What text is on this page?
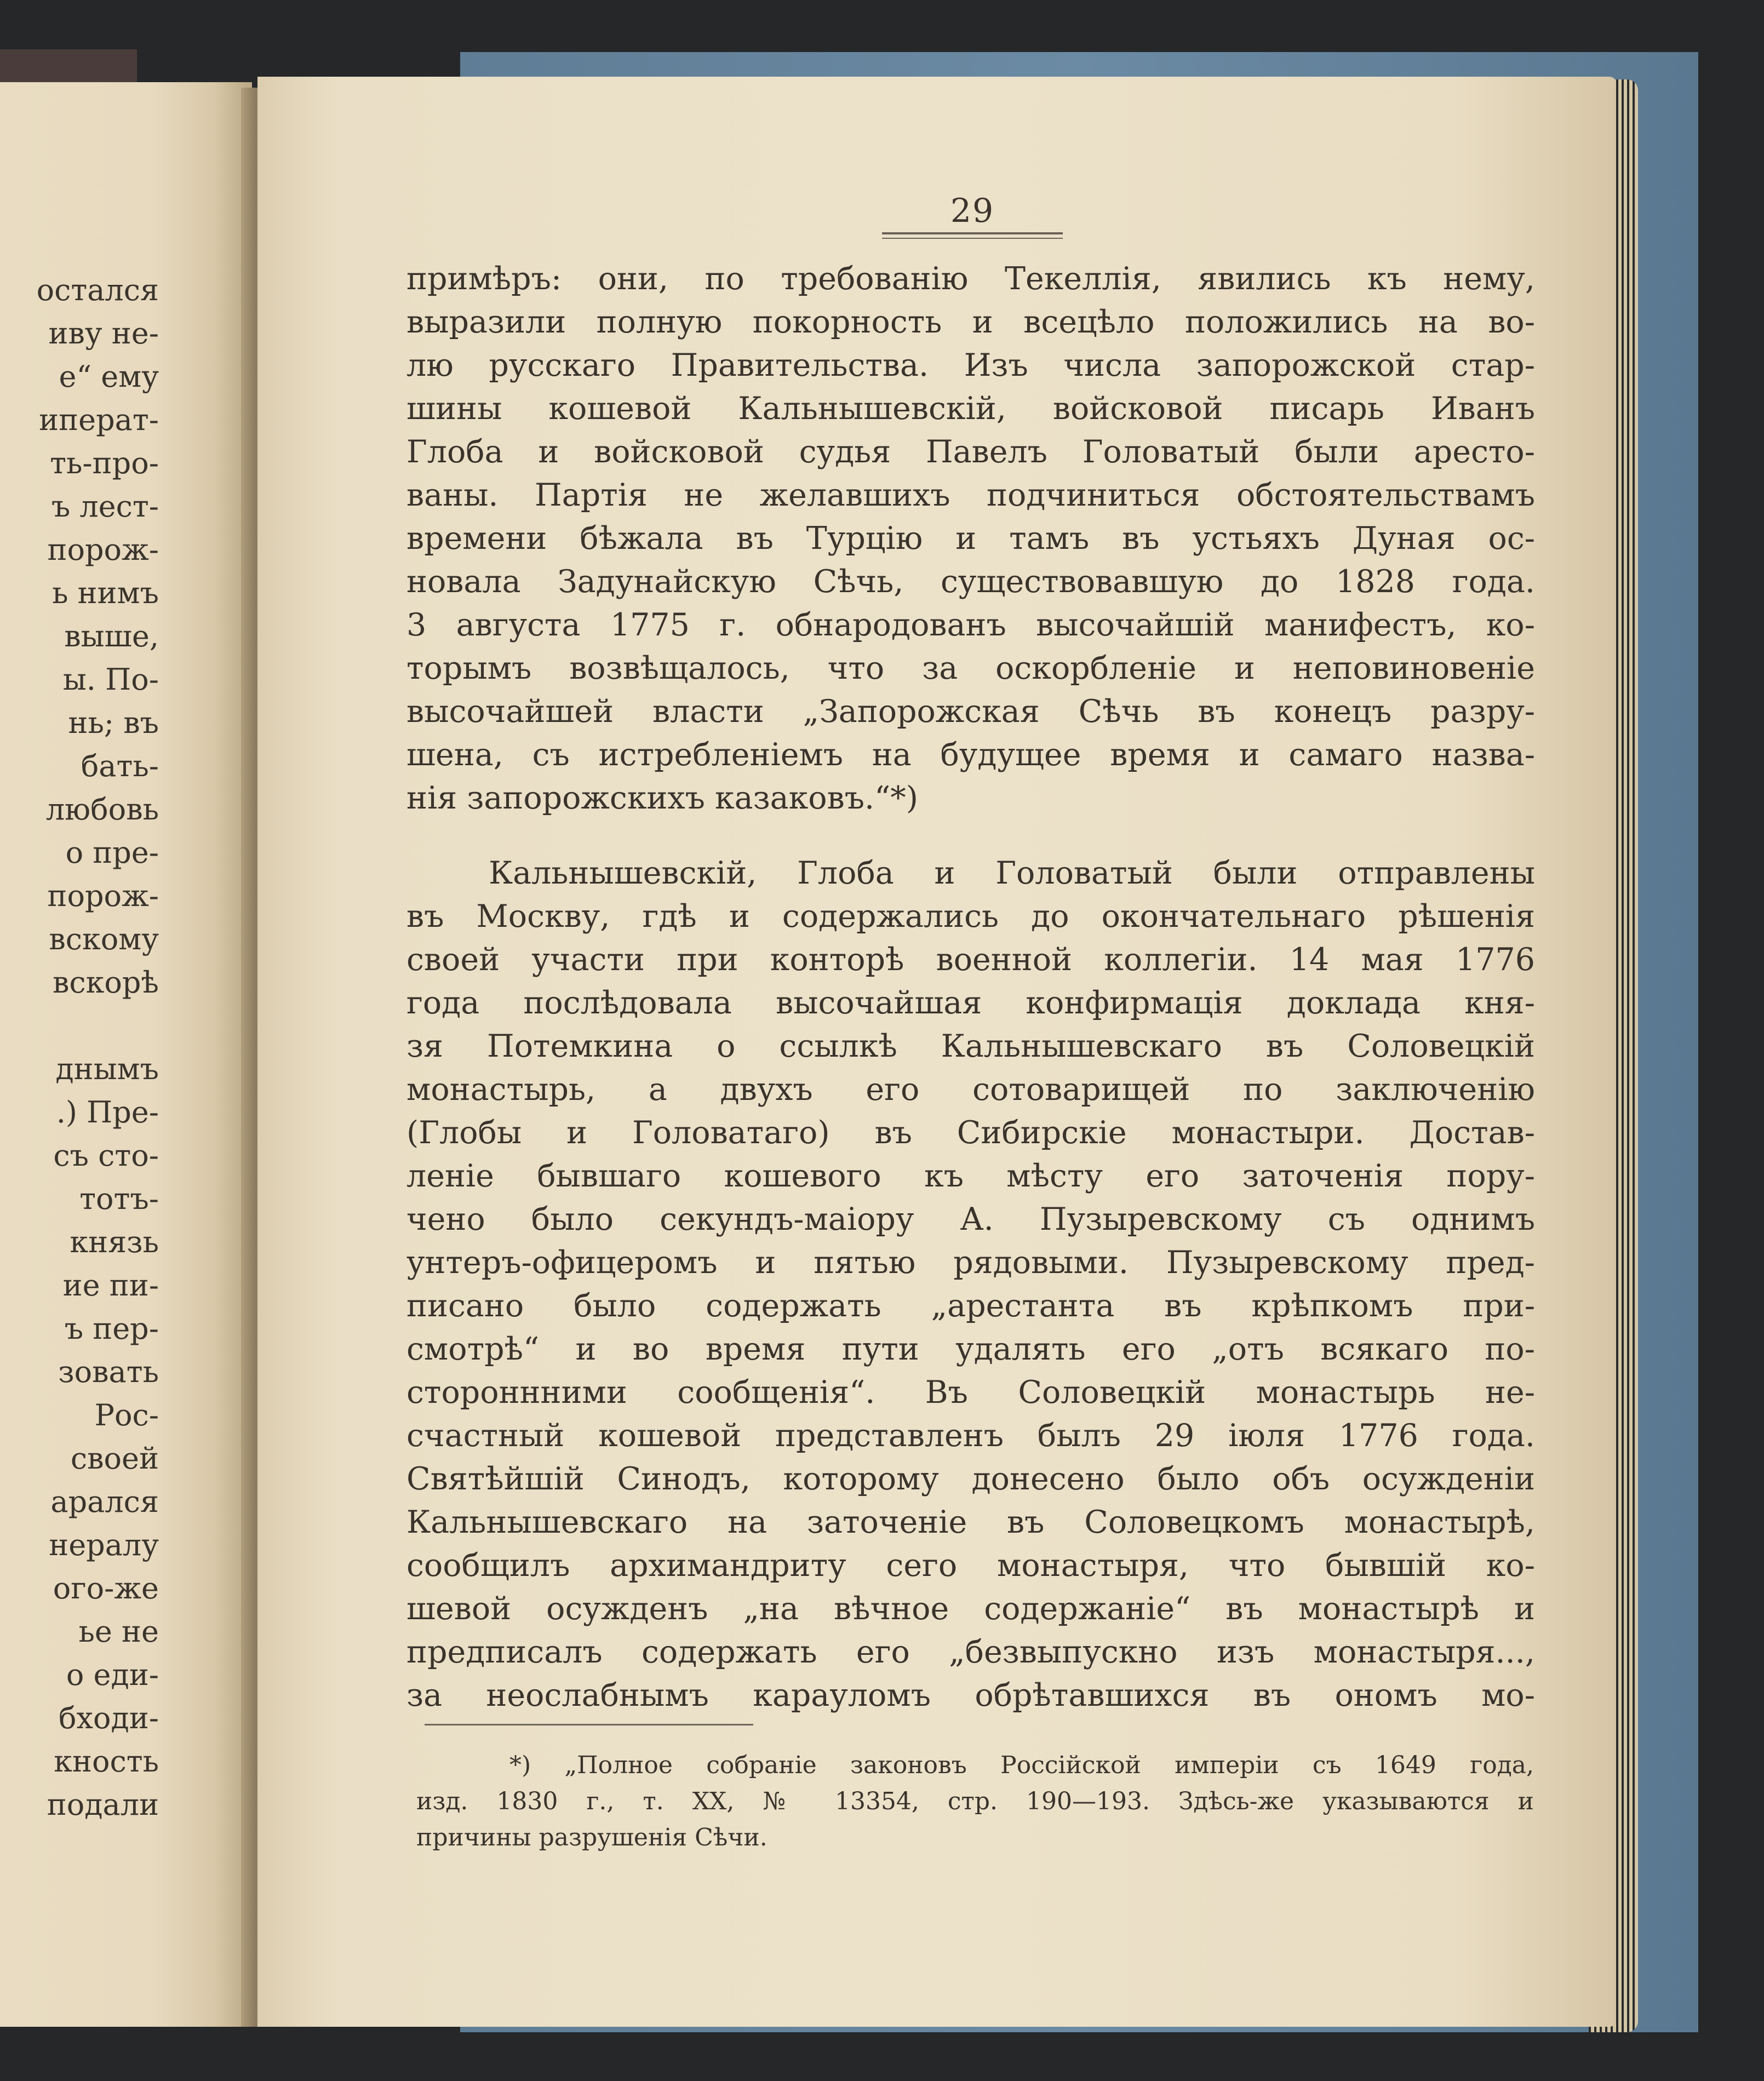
остался
иву не-
е“ ему
иперат-
ть-про-
ъ лест-
порож-
ь нимъ
выше,
ы. По-
нь; въ
бать-
любовь
о пре-
порож-
вскому
вскорѣ
днымъ
.) Пре-
съ сто-
тотъ-
князь
ие пи-
ъ пер-
зовать
Рос-
своей
арался
нералу
ого-же
ье не
о еди-
бходи-
кность
подали
29
примѣръ: они, по требованію Текеллія, явились къ нему,
выразили полную покорность и всецѣло положились на во-
лю русскаго Правительства. Изъ числа запорожской стар-
шины кошевой Кальнышевскій, войсковой писарь Иванъ
Глоба и войсковой судья Павелъ Головатый были аресто-
ваны. Партія не желавшихъ подчиниться обстоятельствамъ
времени бѣжала въ Турцію и тамъ въ устьяхъ Дуная ос-
новала Задунайскую Сѣчь, существовавшую до 1828 года.
3 августа 1775 г. обнародованъ высочайшій манифестъ, ко-
торымъ возвѣщалось, что за оскорбленіе и неповиновеніе
высочайшей власти „Запорожская Сѣчь въ конецъ разру-
шена, съ истребленіемъ на будущее время и самаго назва-
нія запорожскихъ казаковъ.“*)
Кальнышевскій, Глоба и Головатый были отправлены
въ Москву, гдѣ и содержались до окончательнаго рѣшенія
своей участи при конторѣ военной коллегіи. 14 мая 1776
года послѣдовала высочайшая конфирмація доклада кня-
зя Потемкина о ссылкѣ Кальнышевскаго въ Соловецкій
монастырь, а двухъ его сотоварищей по заключенію
(Глобы и Головатаго) въ Сибирскіе монастыри. Достав-
леніе бывшаго кошевого къ мѣсту его заточенія пору-
чено было секундъ-маіору А. Пузыревскому съ однимъ
унтеръ-офицеромъ и пятью рядовыми. Пузыревскому пред-
писано было содержать „арестанта въ крѣпкомъ при-
смотрѣ“ и во время пути удалять его „отъ всякаго по-
стороннними сообщенія“. Въ Соловецкій монастырь не-
счастный кошевой представленъ былъ 29 іюля 1776 года.
Святѣйшій Синодъ, которому донесено было объ осужденіи
Кальнышевскаго на заточеніе въ Соловецкомъ монастырѣ,
сообщилъ архимандриту сего монастыря, что бывшій ко-
шевой осужденъ „на вѣчное содержаніе“ въ монастырѣ и
предписалъ содержать его „безвыпускно изъ монастыря...,
за неослабнымъ карауломъ обрѣтавшихся въ ономъ мо-
*) „Полное собраніе законовъ Россійской имперіи съ 1649 года,
изд. 1830 г., т. XX, № 13354, стр. 190—193. Здѣсь-же указываются и
причины разрушенія Сѣчи.
